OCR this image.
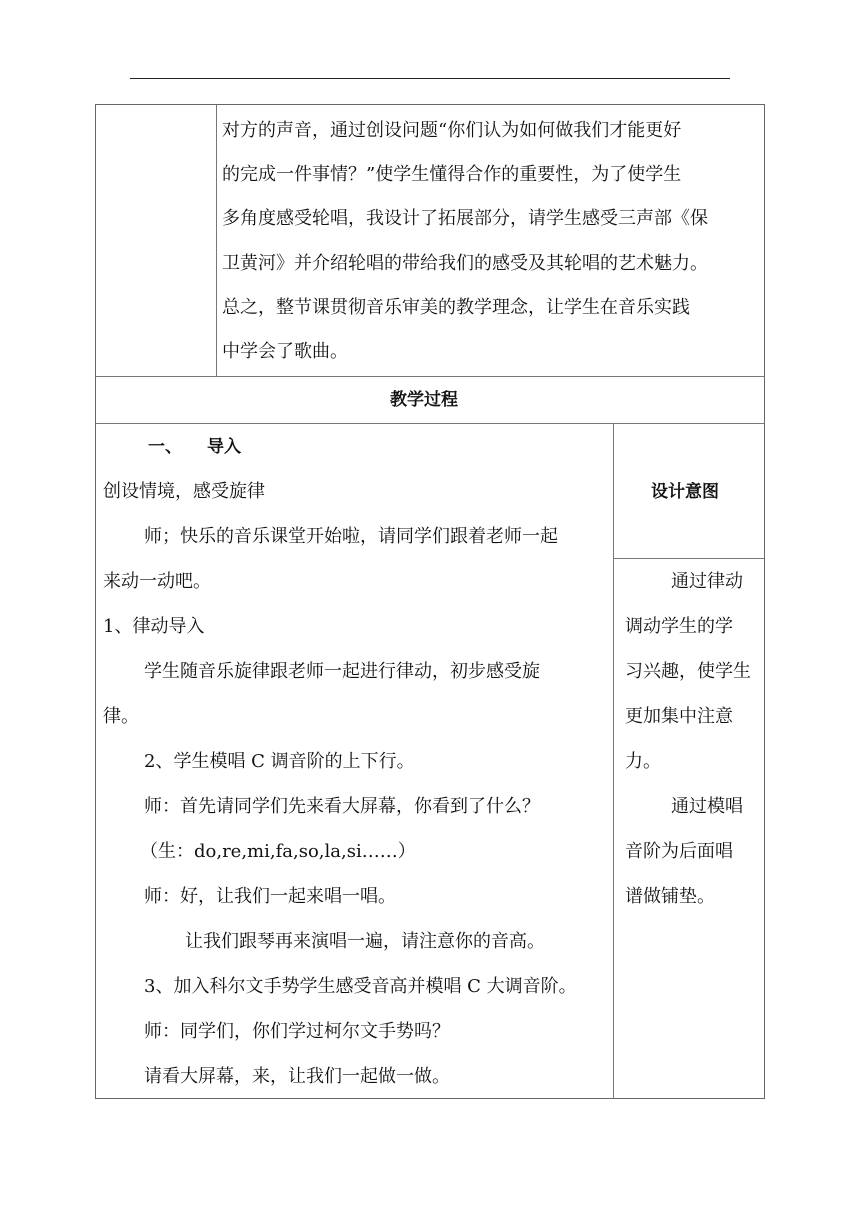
对方的声音，通过创设问题“你们认为如何做我们才能更好

的完成一件事情？”使学生懂得合作的重要性，为了使学生

多角度感受轮唱，我设计了拓展部分，请学生感受三声部《保

卫黄河》并介绍轮唱的带给我们的感受及其轮唱的艺术魅力。

总之，整节课贯彻音乐审美的教学理念，让学生在音乐实践

中学会了歌曲。

教学过程

设计意图

一、 导入

创设情境，感受旋律

师；快乐的音乐课堂开始啦，请同学们跟着老师一起

来动一动吧。

1、律动导入

学生随音乐旋律跟老师一起进行律动，初步感受旋

律。

2、学生模唱 C 调音阶的上下行。

师：首先请同学们先来看大屏幕，你看到了什么？

（生：do,re,mi,fa,so,la,si……）

师：好，让我们一起来唱一唱。

让我们跟琴再来演唱一遍，请注意你的音高。

3、加入科尔文手势学生感受音高并模唱 C 大调音阶。

师：同学们，你们学过柯尔文手势吗？

请看大屏幕，来，让我们一起做一做。

通过律动

调动学生的学

习兴趣，使学生

更加集中注意

力。

通过模唱

音阶为后面唱

谱做铺垫。
